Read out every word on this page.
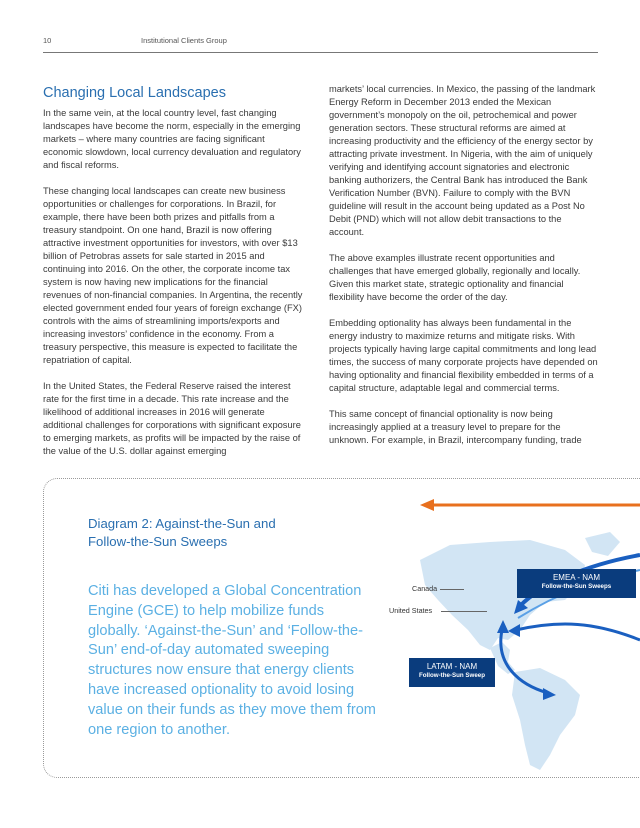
10	Institutional Clients Group
Changing Local Landscapes

In the same vein, at the local country level, fast changing landscapes have become the norm, especially in the emerging markets – where many countries are facing significant economic slowdown, local currency devaluation and regulatory and fiscal reforms.

These changing local landscapes can create new business opportunities or challenges for corporations. In Brazil, for example, there have been both prizes and pitfalls from a treasury standpoint. On one hand, Brazil is now offering attractive investment opportunities for investors, with over $13 billion of Petrobras assets for sale started in 2015 and continuing into 2016. On the other, the corporate income tax system is now having new implications for the financial revenues of non-financial companies. In Argentina, the recently elected government ended four years of foreign exchange (FX) controls with the aims of streamlining imports/exports and increasing investors’ confidence in the economy. From a treasury perspective, this measure is expected to facilitate the repatriation of capital.

In the United States, the Federal Reserve raised the interest rate for the first time in a decade. This rate increase and the likelihood of additional increases in 2016 will generate additional challenges for corporations with significant exposure to emerging markets, as profits will be impacted by the raise of the value of the U.S. dollar against emerging

markets’ local currencies. In Mexico, the passing of the landmark Energy Reform in December 2013 ended the Mexican government’s monopoly on the oil, petrochemical and power generation sectors. These structural reforms are aimed at increasing productivity and the efficiency of the energy sector by attracting private investment. In Nigeria, with the aim of uniquely verifying and identifying account signatories and electronic banking authorizers, the Central Bank has introduced the Bank Verification Number (BVN). Failure to comply with the BVN guideline will result in the account being updated as a Post No Debit (PND) which will not allow debit transactions to the account.

The above examples illustrate recent opportunities and challenges that have emerged globally, regionally and locally. Given this market state, strategic optionality and financial flexibility have become the order of the day.

Embedding optionality has always been fundamental in the energy industry to maximize returns and mitigate risks. With projects typically having large capital commitments and long lead times, the success of many corporate projects have depended on having optionality and financial flexibility embedded in terms of a capital structure, adaptable legal and commercial terms.

This same concept of financial optionality is now being increasingly applied at a treasury level to prepare for the unknown. For example, in Brazil, intercompany funding, trade

Diagram 2: Against-the-Sun and Follow-the-Sun Sweeps
Citi has developed a Global Concentration Engine (GCE) to help mobilize funds globally. ‘Against-the-Sun’ and ‘Follow-the-Sun’ end-of-day automated sweeping structures now ensure that energy clients have increased optionality to avoid losing value on their funds as they move them from one region to another.
Canada
United States
EMEA - NAM
Follow-the-Sun Sweeps
LATAM - NAM
Follow-the-Sun Sweep
